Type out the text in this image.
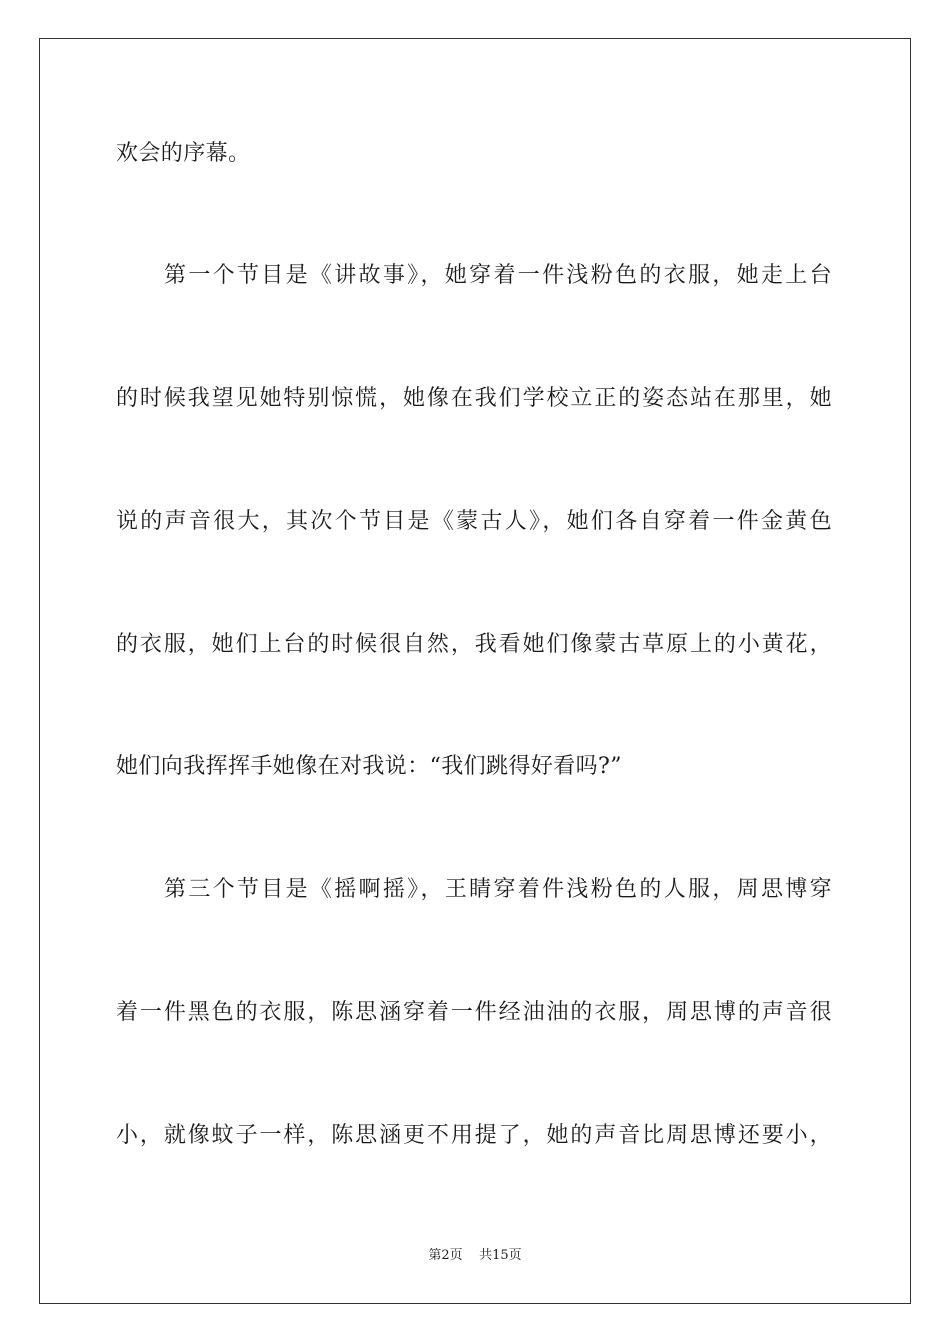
欢会的序幕。
第一个节目是《讲故事》，她穿着一件浅粉色的衣服，她走上台
的时候我望见她特别惊慌，她像在我们学校立正的姿态站在那里，她
说的声音很大，其次个节目是《蒙古人》，她们各自穿着一件金黄色
的衣服，她们上台的时候很自然，我看她们像蒙古草原上的小黄花，
她们向我挥挥手她像在对我说：“我们跳得好看吗?”
第三个节目是《摇啊摇》，王睛穿着件浅粉色的人服，周思博穿
着一件黑色的衣服，陈思涵穿着一件经油油的衣服，周思博的声音很
小，就像蚊子一样，陈思涵更不用提了，她的声音比周思博还要小，
第2页 共15页
